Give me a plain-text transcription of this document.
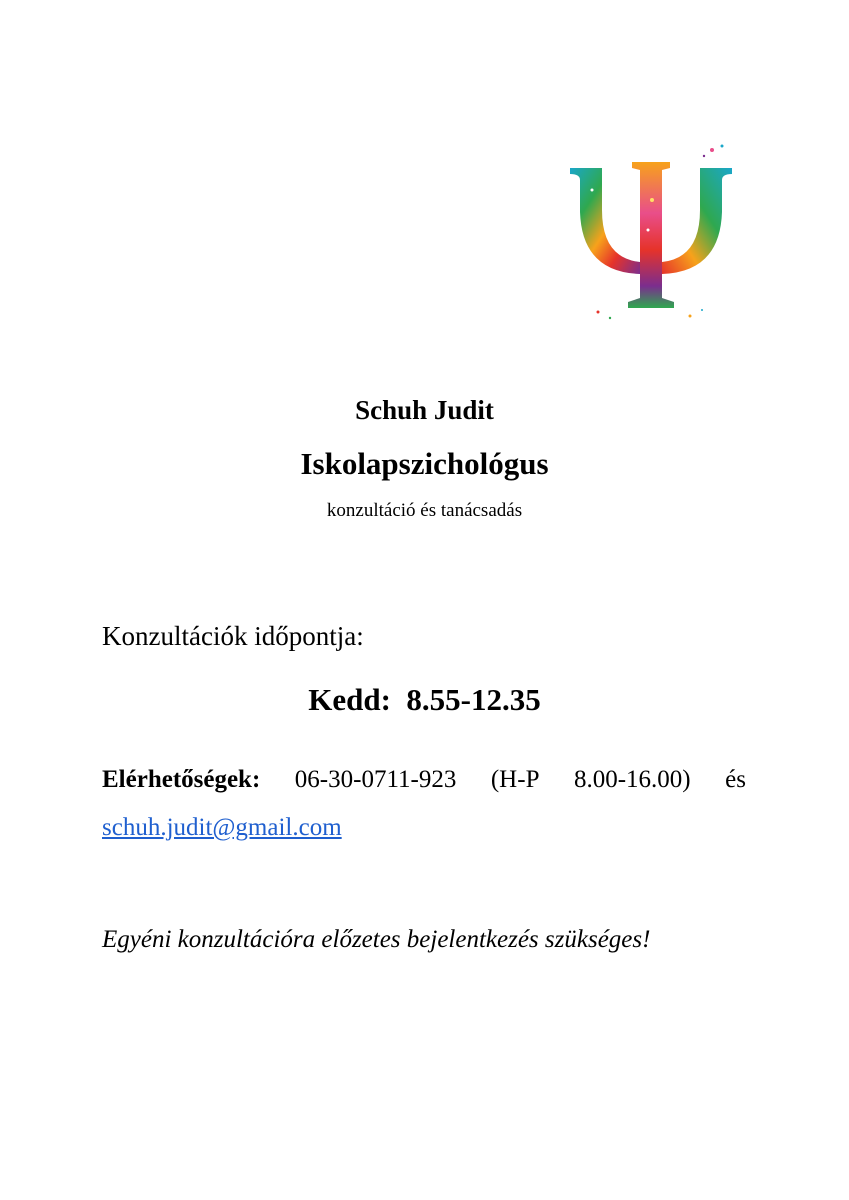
Schuh Judit
Iskolapszichológus
konzultáció és tanácsadás
Konzultációk időpontja:
Kedd:  8.55-12.35
Elérhetőségek: 06-30-0711-923 (H-P 8.00-16.00) és
schuh.judit@gmail.com
Egyéni konzultációra előzetes bejelentkezés szükséges!
